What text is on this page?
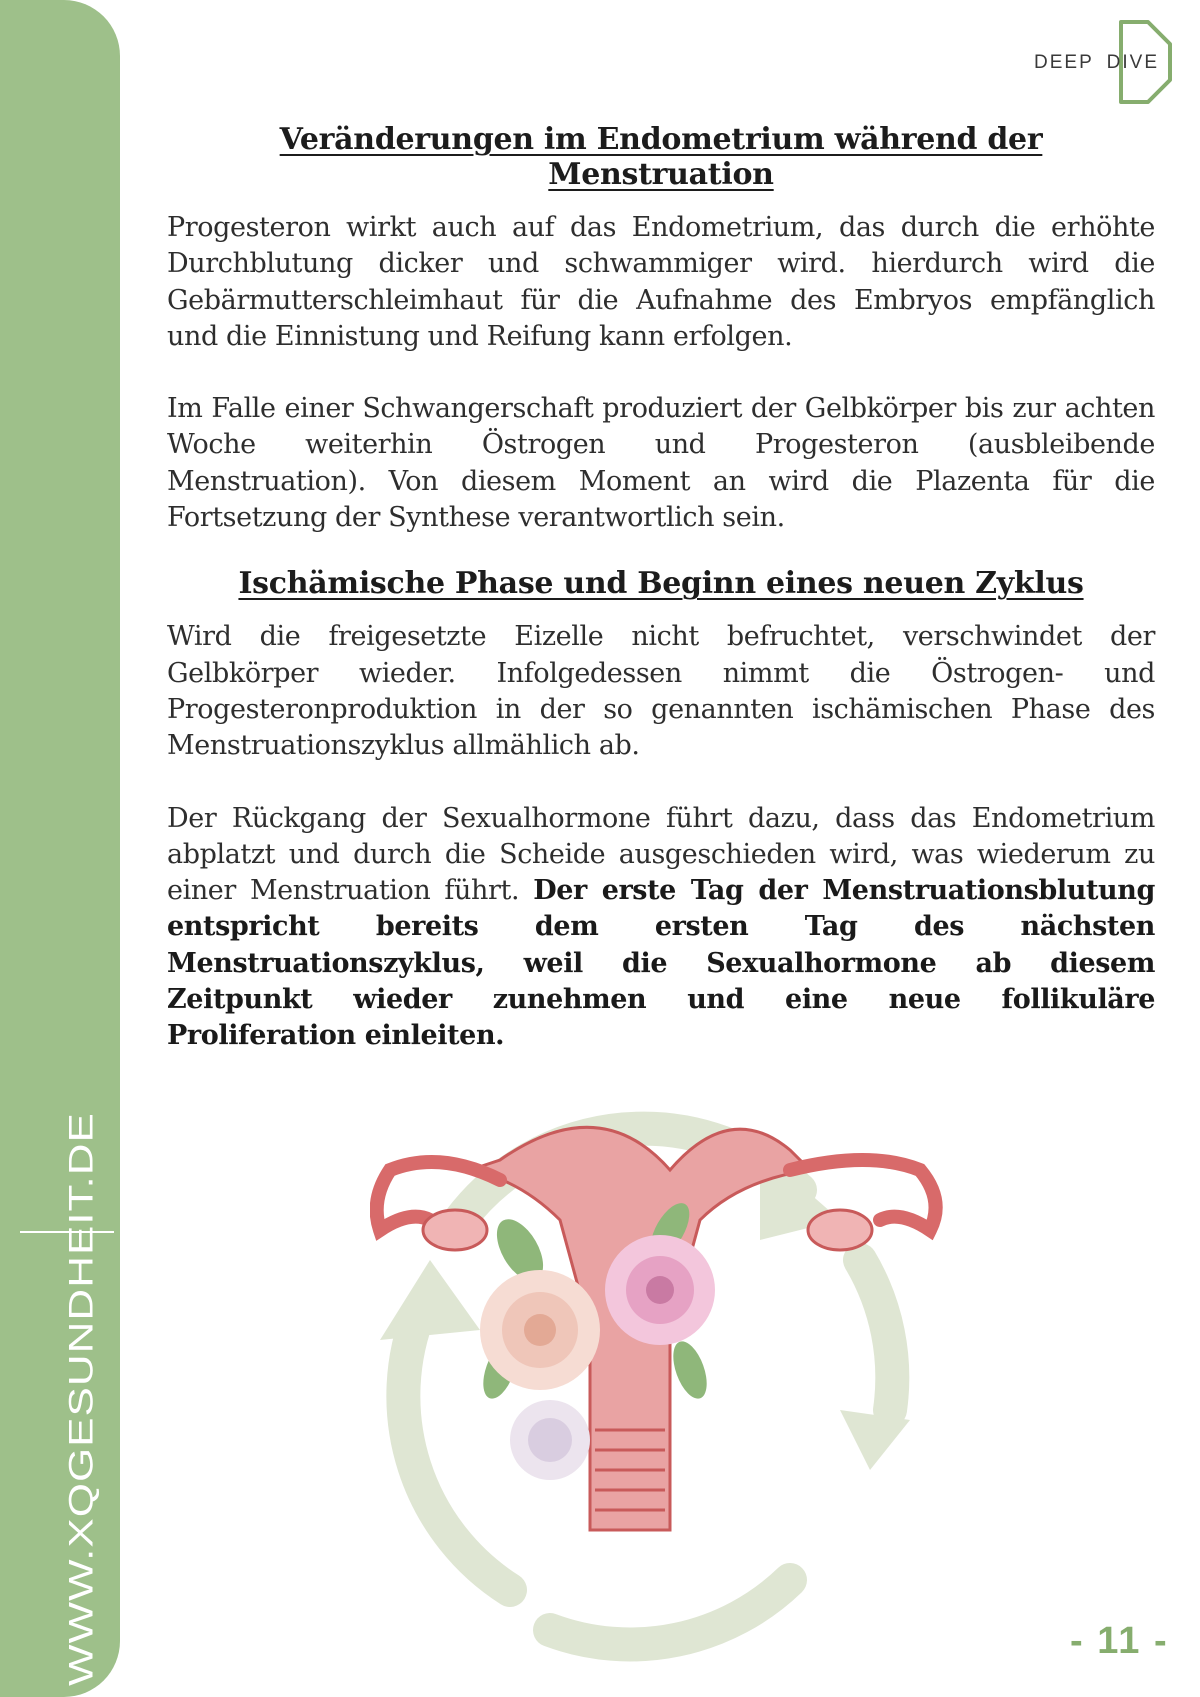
WWW.XQGESUNDHEIT.DE
DEEP DIVE
Veränderungen im Endometrium während der Menstruation

Progesteron wirkt auch auf das Endometrium, das durch die erhöhte Durchblutung dicker und schwammiger wird. hierdurch wird die Gebärmutterschleimhaut für die Aufnahme des Embryos empfänglich und die Einnistung und Reifung kann erfolgen.

Im Falle einer Schwangerschaft produziert der Gelbkörper bis zur achten Woche weiterhin Östrogen und Progesteron (ausbleibende Menstruation). Von diesem Moment an wird die Plazenta für die Fortsetzung der Synthese verantwortlich sein.

Ischämische Phase und Beginn eines neuen Zyklus

Wird die freigesetzte Eizelle nicht befruchtet, verschwindet der Gelbkörper wieder. Infolgedessen nimmt die Östrogen- und Progesteronproduktion in der so genannten ischämischen Phase des Menstruationszyklus allmählich ab.

Der Rückgang der Sexualhormone führt dazu, dass das Endometrium abplatzt und durch die Scheide ausgeschieden wird, was wiederum zu einer Menstruation führt. Der erste Tag der Menstruationsblutung entspricht bereits dem ersten Tag des nächsten Menstruationszyklus, weil die Sexualhormone ab diesem Zeitpunkt wieder zunehmen und eine neue follikuläre Proliferation einleiten.

- 11 -
